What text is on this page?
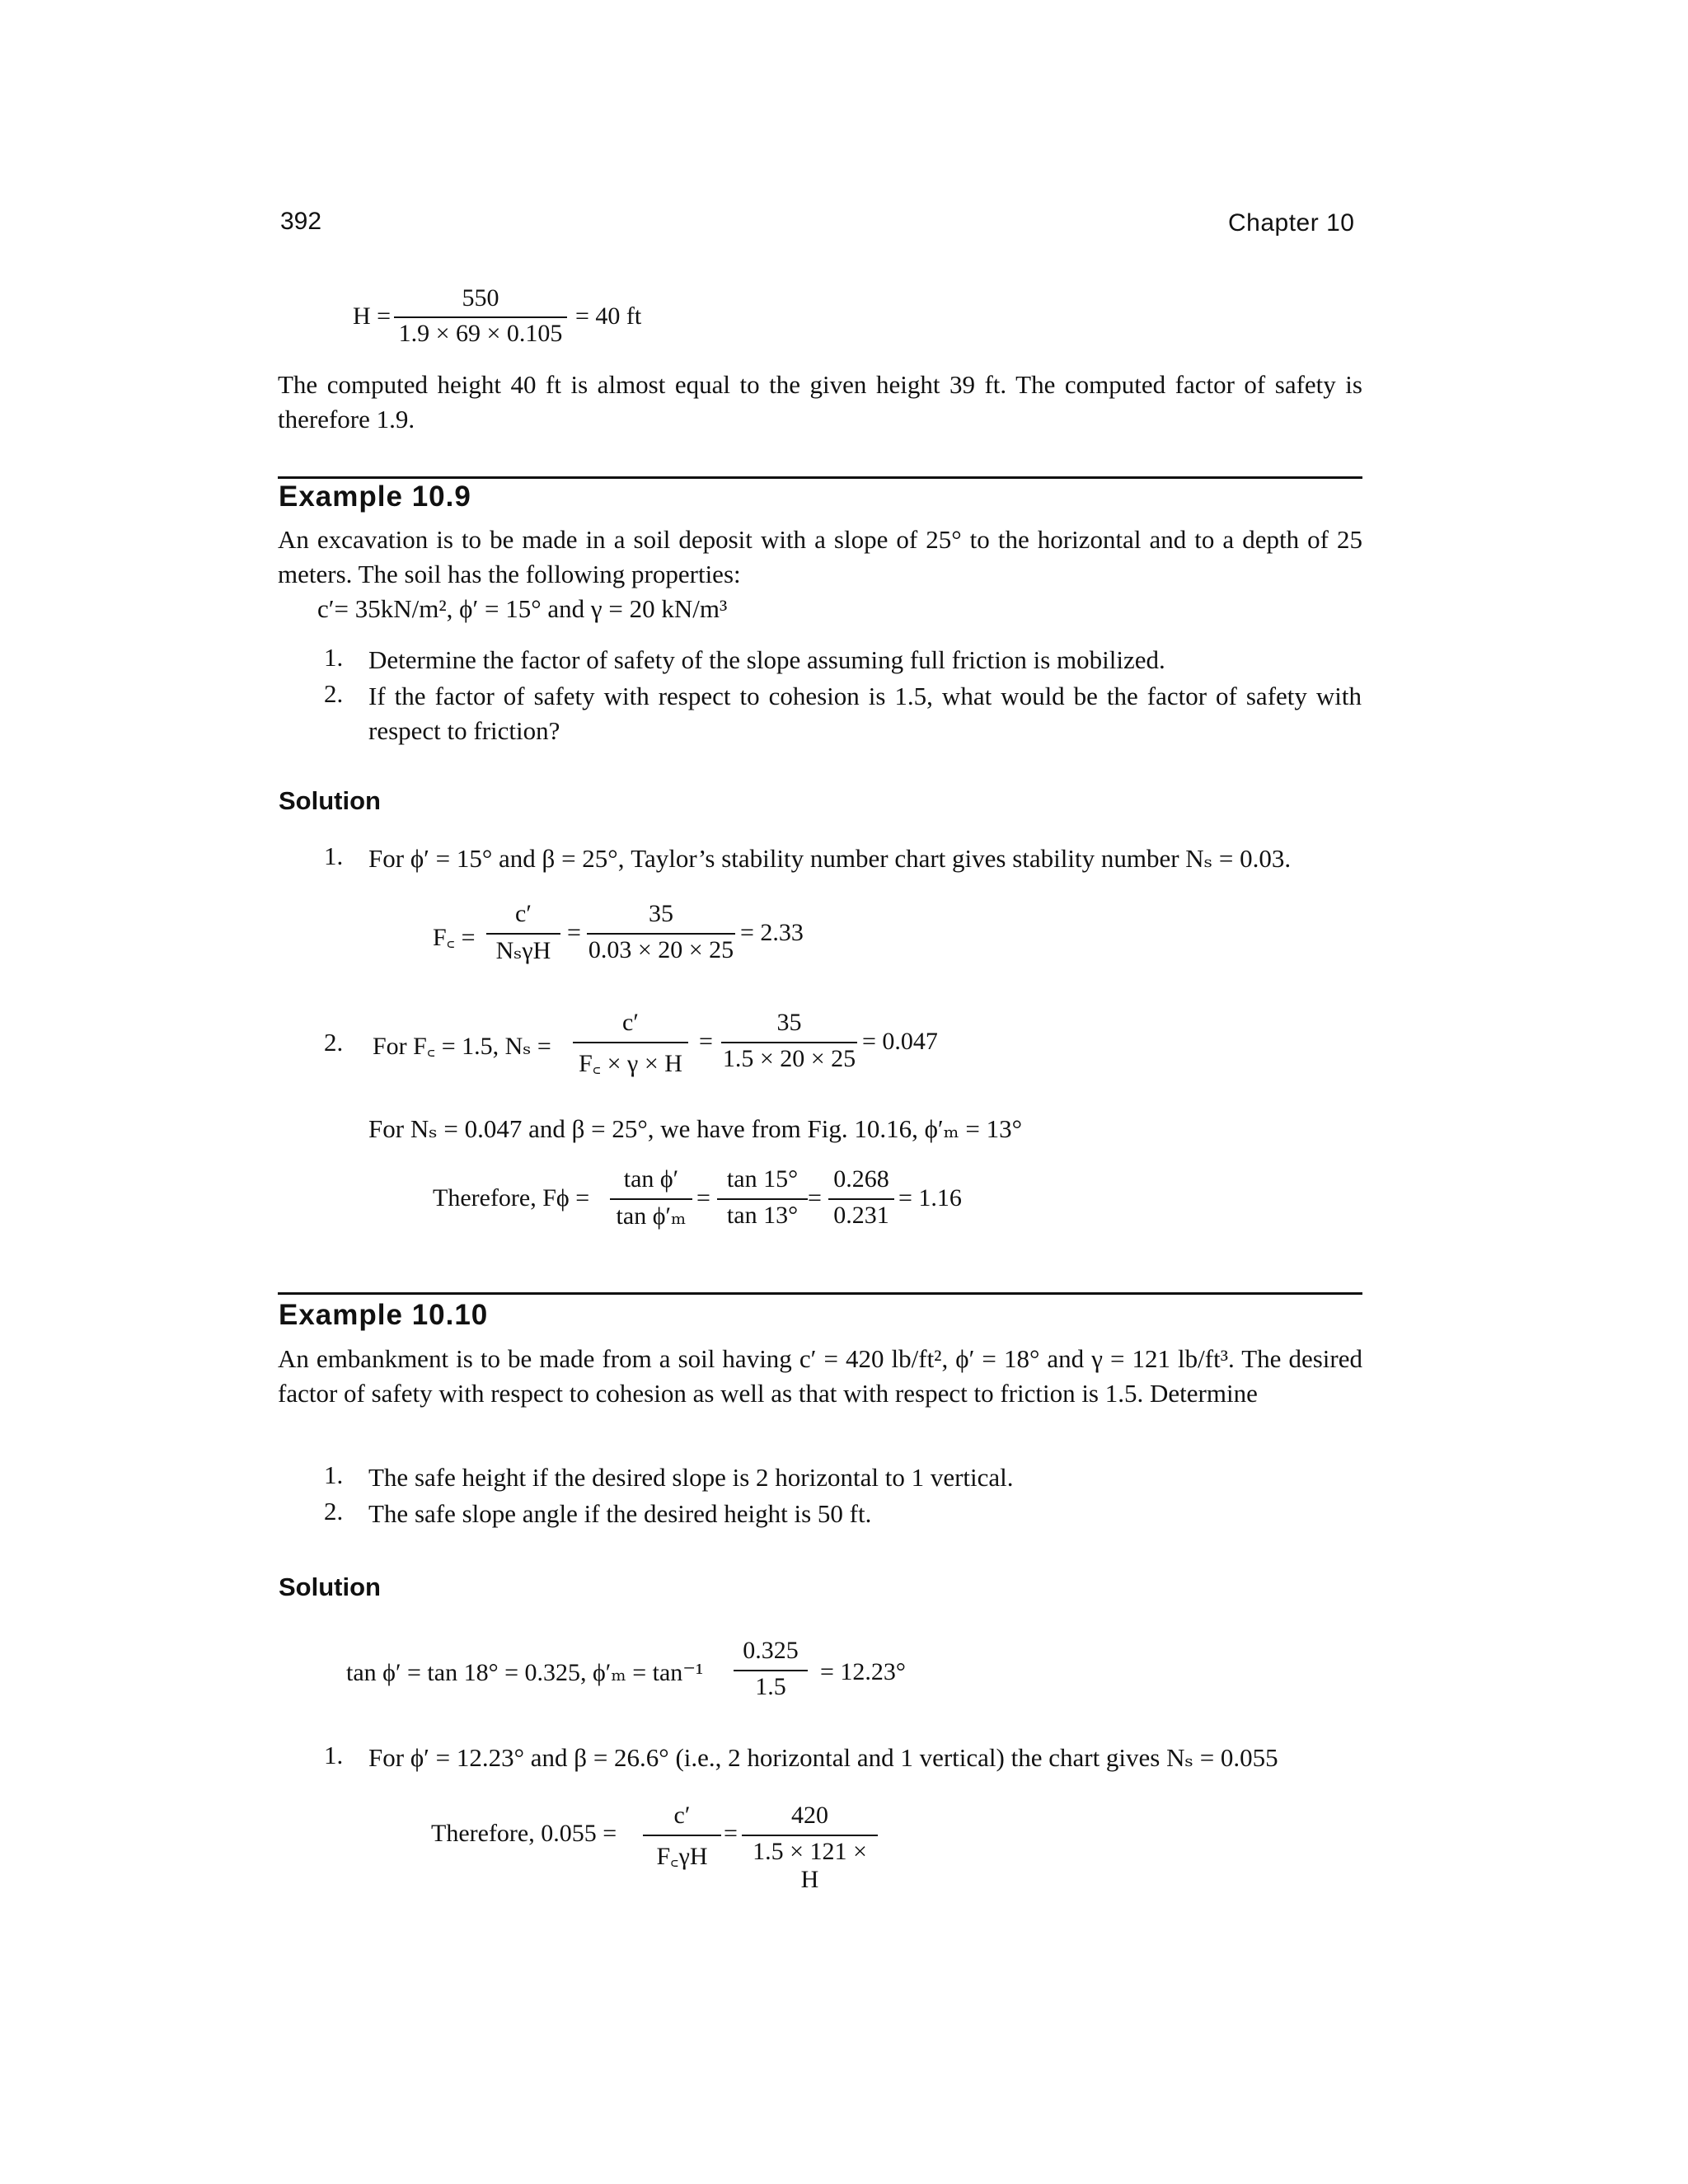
392	Chapter 10
H =
550
1.9 × 69 × 0.105
= 40 ft
The computed height 40 ft is almost equal to the given height 39 ft. The computed factor of safety is therefore 1.9.
Example 10.9
An excavation is to be made in a soil deposit with a slope of 25° to the horizontal and to a depth of 25 meters. The soil has the following properties:
c′= 35kN/m², ϕ′ = 15° and γ = 20 kN/m³
1. Determine the factor of safety of the slope assuming full friction is mobilized.
2. If the factor of safety with respect to cohesion is 1.5, what would be the factor of safety with respect to friction?
Solution
1. For ϕ′ = 15° and β = 25°, Taylor’s stability number chart gives stability number Nₛ = 0.03.
F꜀ =
c′
NₛγH
=
35
0.03 × 20 × 25
= 2.33
2. For F꜀ = 1.5, Nₛ =
c′
F꜀ × γ × H
=
35
1.5 × 20 × 25
= 0.047
For Nₛ = 0.047 and β = 25°, we have from Fig. 10.16, ϕ′ₘ = 13°
Therefore, Fϕ =
tan ϕ′
tan ϕ′ₘ
=
tan 15°
tan 13°
=
0.268
0.231
= 1.16
Example 10.10
An embankment is to be made from a soil having c′ = 420 lb/ft², ϕ′ = 18° and γ = 121 lb/ft³. The desired factor of safety with respect to cohesion as well as that with respect to friction is 1.5. Determine
1. The safe height if the desired slope is 2 horizontal to 1 vertical.
2. The safe slope angle if the desired height is 50 ft.
Solution
tan ϕ′ = tan 18° = 0.325, ϕ′ₘ = tan⁻¹
0.325
1.5
= 12.23°
1. For ϕ′ = 12.23° and β = 26.6° (i.e., 2 horizontal and 1 vertical) the chart gives Nₛ = 0.055
Therefore, 0.055 =
c′
F꜀γH
=
420
1.5 × 121 × H
